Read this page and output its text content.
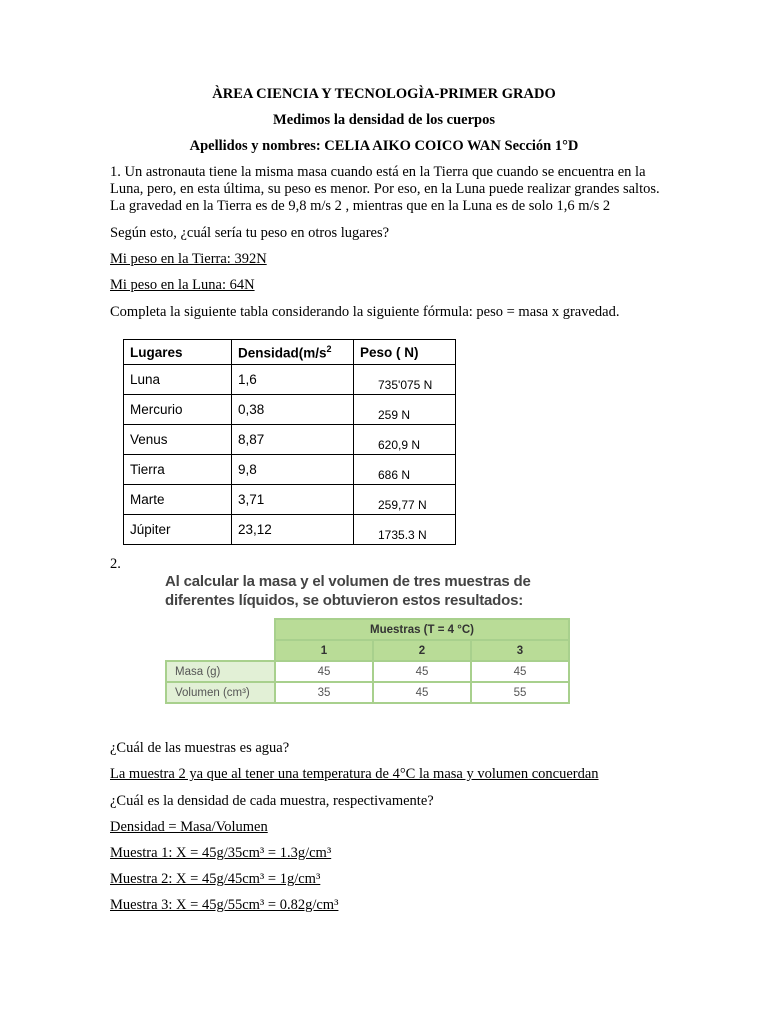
ÀREA CIENCIA Y TECNOLOGÌA-PRIMER GRADO
Medimos la densidad de los cuerpos
Apellidos y nombres: CELIA AIKO COICO WAN Sección 1°D
1. Un astronauta tiene la misma masa cuando está en la Tierra que cuando se encuentra en la
Luna, pero, en esta última, su peso es menor. Por eso, en la Luna puede realizar grandes saltos.
La gravedad en la Tierra es de 9,8 m/s 2 , mientras que en la Luna es de solo 1,6 m/s 2
Según esto, ¿cuál sería tu peso en otros lugares?
Mi peso en la Tierra: 392N
Mi peso en la Luna: 64N
Completa la siguiente tabla considerando la siguiente fórmula: peso = masa x gravedad.
Lugares	$Densidad(m/s^2$	Peso ( N)
Luna	1,6	735'075 N
Mercurio	0,38	259 N
Venus	8,87	620,9 N
Tierra	9,8	686 N
Marte	3,71	259,77 N
Júpiter	23,12	1735.3 N
2.
Al calcular la masa y el volumen de tres muestras de
diferentes líquidos, se obtuvieron estos resultados:
	Muestras (T = 4 °C)		
	1	2	3
Masa (g)	45	45	45
Volumen (cm³)	35	45	55
¿Cuál de las muestras es agua?
La muestra 2 ya que al tener una temperatura de 4°C la masa y volumen concuerdan
¿Cuál es la densidad de cada muestra, respectivamente?
Densidad = Masa/Volumen
Muestra 1: X = 45g/35cm³ = 1.3g/cm³
Muestra 2: X = 45g/45cm³ = 1g/cm³
Muestra 3: X = 45g/55cm³ = 0.82g/cm³
